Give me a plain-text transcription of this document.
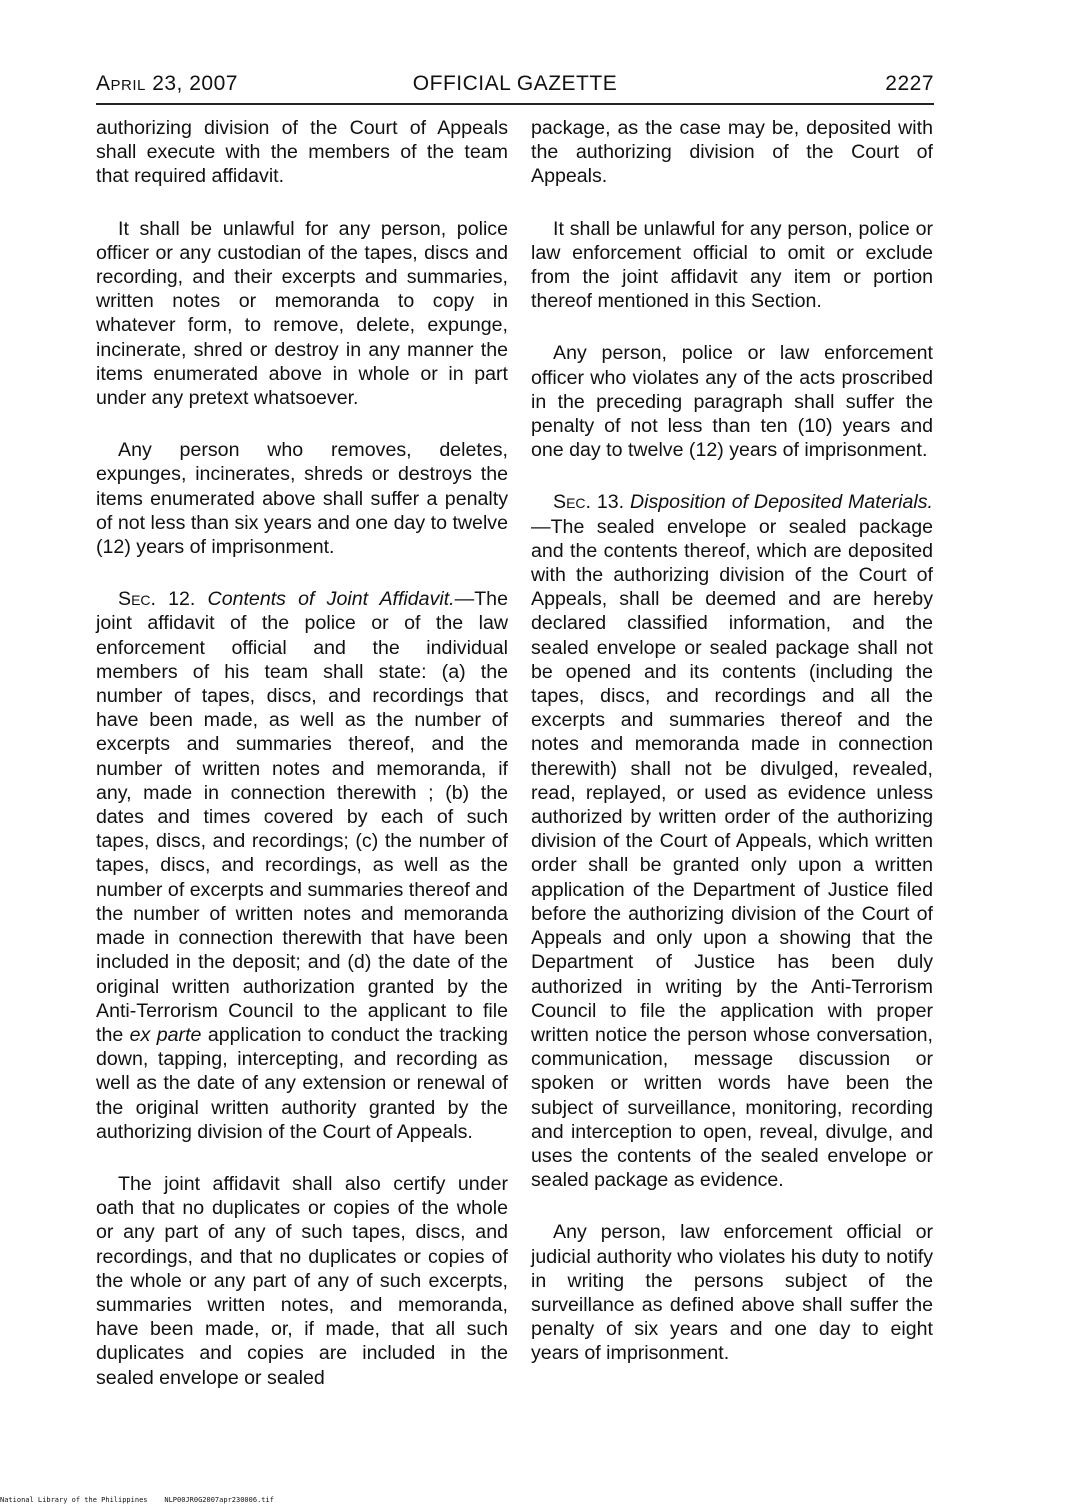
April 23, 2007	OFFICIAL GAZETTE	2227

authorizing division of the Court of Appeals shall execute with the members of the team that required affidavit.

It shall be unlawful for any person, police officer or any custodian of the tapes, discs and recording, and their excerpts and summaries, written notes or memoranda to copy in whatever form, to remove, delete, expunge, incinerate, shred or destroy in any manner the items enumerated above in whole or in part under any pretext whatsoever.

Any person who removes, deletes, expunges, incinerates, shreds or destroys the items enumerated above shall suffer a penalty of not less than six years and one day to twelve (12) years of imprisonment.

Sec. 12. Contents of Joint Affidavit.—The joint affidavit of the police or of the law enforcement official and the individual members of his team shall state: (a) the number of tapes, discs, and recordings that have been made, as well as the number of excerpts and summaries thereof, and the number of written notes and memoranda, if any, made in connection therewith ; (b) the dates and times covered by each of such tapes, discs, and recordings; (c) the number of tapes, discs, and recordings, as well as the number of excerpts and summaries thereof and the number of written notes and memoranda made in connection therewith that have been included in the deposit; and (d) the date of the original written authorization granted by the Anti-Terrorism Council to the applicant to file the ex parte application to conduct the tracking down, tapping, intercepting, and recording as well as the date of any extension or renewal of the original written authority granted by the authorizing division of the Court of Appeals.

The joint affidavit shall also certify under oath that no duplicates or copies of the whole or any part of any of such tapes, discs, and recordings, and that no duplicates or copies of the whole or any part of any of such excerpts, summaries written notes, and memoranda, have been made, or, if made, that all such duplicates and copies are included in the sealed envelope or sealed

package, as the case may be, deposited with the authorizing division of the Court of Appeals.

It shall be unlawful for any person, police or law enforcement official to omit or exclude from the joint affidavit any item or portion thereof mentioned in this Section.

Any person, police or law enforcement officer who violates any of the acts proscribed in the preceding paragraph shall suffer the penalty of not less than ten (10) years and one day to twelve (12) years of imprisonment.

Sec. 13. Disposition of Deposited Materials.—The sealed envelope or sealed package and the contents thereof, which are deposited with the authorizing division of the Court of Appeals, shall be deemed and are hereby declared classified information, and the sealed envelope or sealed package shall not be opened and its contents (including the tapes, discs, and recordings and all the excerpts and summaries thereof and the notes and memoranda made in connection therewith) shall not be divulged, revealed, read, replayed, or used as evidence unless authorized by written order of the authorizing division of the Court of Appeals, which written order shall be granted only upon a written application of the Department of Justice filed before the authorizing division of the Court of Appeals and only upon a showing that the Department of Justice has been duly authorized in writing by the Anti-Terrorism Council to file the application with proper written notice the person whose conversation, communication, message discussion or spoken or written words have been the subject of surveillance, monitoring, recording and interception to open, reveal, divulge, and uses the contents of the sealed envelope or sealed package as evidence.

Any person, law enforcement official or judicial authority who violates his duty to notify in writing the persons subject of the surveillance as defined above shall suffer the penalty of six years and one day to eight years of imprisonment.

National Library of the Philippines    NLP00JR0G2007apr230006.tif
